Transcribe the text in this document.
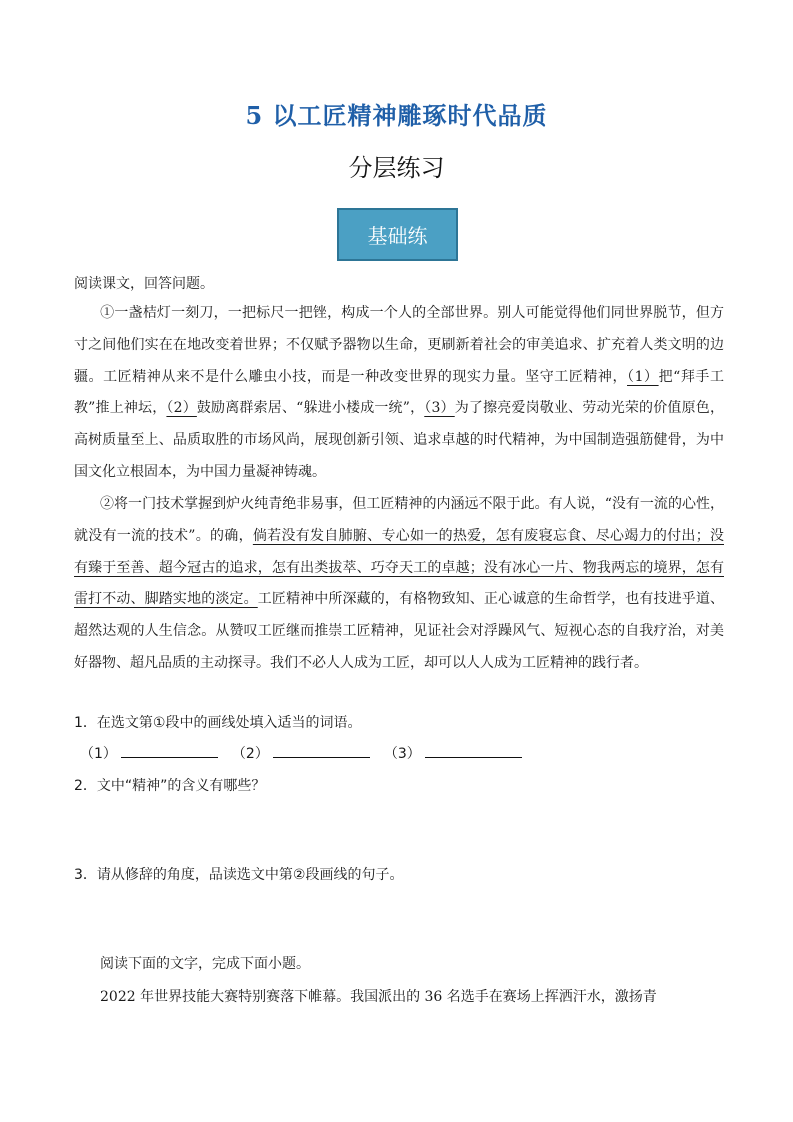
5 以工匠精神雕琢时代品质
分层练习
基础练
阅读课文，回答问题。

①一盏桔灯一刻刀，一把标尺一把锉，构成一个人的全部世界。别人可能觉得他们同世界脱节，但方寸之间他们实在在地改变着世界；不仅赋予器物以生命，更刷新着社会的审美追求、扩充着人类文明的边疆。工匠精神从来不是什么雕虫小技，而是一种改变世界的现实力量。坚守工匠精神，（1）把“拜手工教”推上神坛，（2）鼓励离群索居、“躲进小楼成一统”，（3）为了擦亮爱岗敬业、劳动光荣的价值原色，高树质量至上、品质取胜的市场风尚，展现创新引领、追求卓越的时代精神，为中国制造强筋健骨，为中国文化立根固本，为中国力量凝神铸魂。

②将一门技术掌握到炉火纯青绝非易事，但工匠精神的内涵远不限于此。有人说，“没有一流的心性，就没有一流的技术”。的确，倘若没有发自肺腑、专心如一的热爱，怎有废寝忘食、尽心竭力的付出；没有臻于至善、超今冠古的追求，怎有出类拔萃、巧夺天工的卓越；没有冰心一片、物我两忘的境界，怎有雷打不动、脚踏实地的淡定。工匠精神中所深藏的，有格物致知、正心诚意的生命哲学，也有技进乎道、超然达观的人生信念。从赞叹工匠继而推崇工匠精神，见证社会对浮躁风气、短视心态的自我疗治，对美好器物、超凡品质的主动探寻。我们不必人人成为工匠，却可以人人成为工匠精神的践行者。

1．在选文第①段中的画线处填入适当的词语。
（1）	（2）	（3）
2．文中“精神”的含义有哪些？
3．请从修辞的角度，品读选文中第②段画线的句子。
阅读下面的文字，完成下面小题。
2022 年世界技能大赛特别赛落下帷幕。我国派出的 36 名选手在赛场上挥洒汗水，激扬青
